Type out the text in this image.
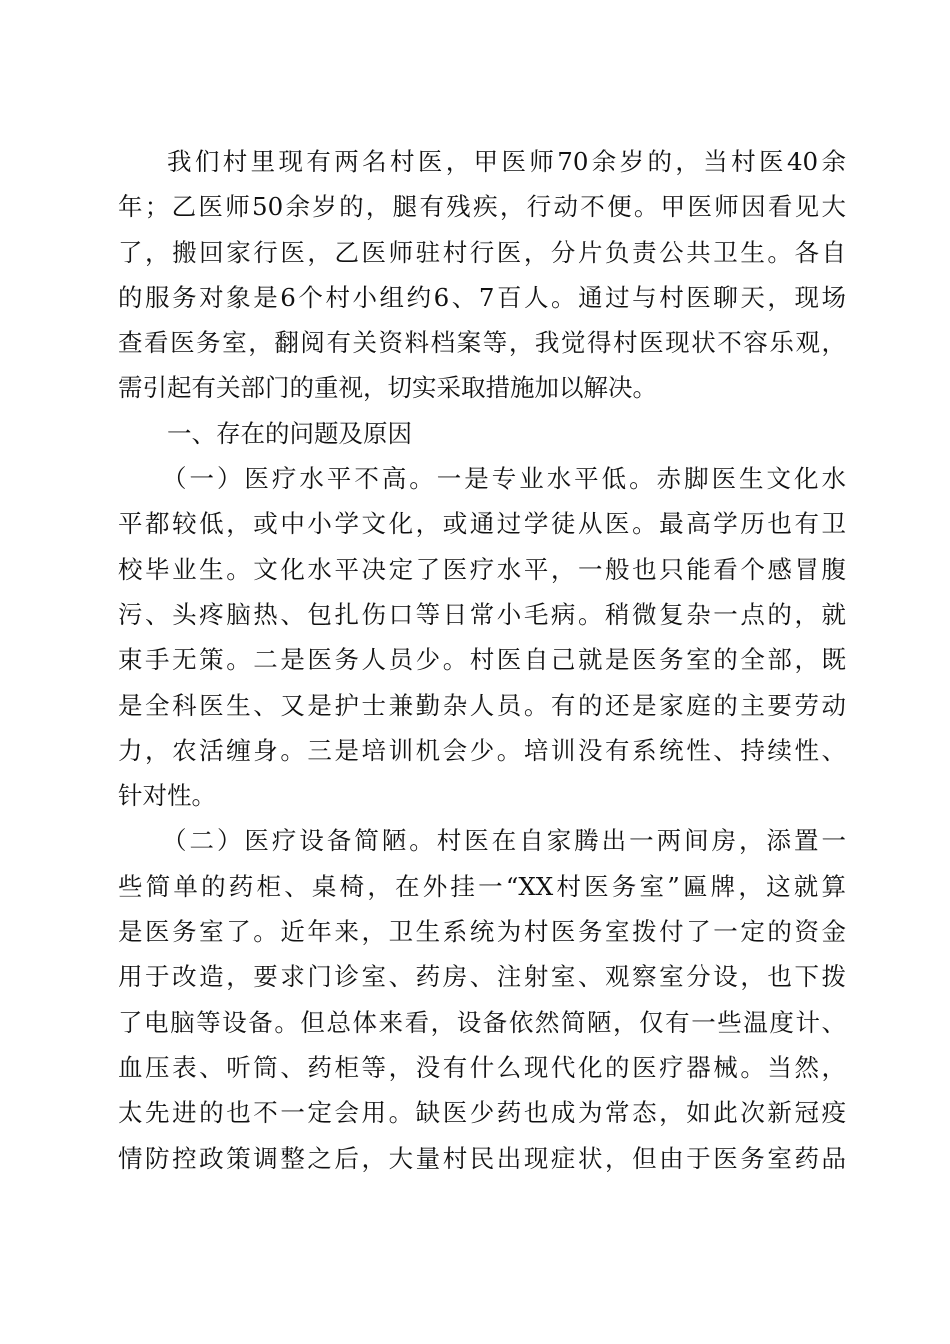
我们村里现有两名村医，甲医师70余岁的，当村医40余
年；乙医师50余岁的，腿有残疾，行动不便。甲医师因看见大
了，搬回家行医，乙医师驻村行医，分片负责公共卫生。各自
的服务对象是6个村小组约6、7百人。通过与村医聊天，现场
查看医务室，翻阅有关资料档案等，我觉得村医现状不容乐观，
需引起有关部门的重视，切实采取措施加以解决。
一、存在的问题及原因
（一）医疗水平不高。一是专业水平低。赤脚医生文化水
平都较低，或中小学文化，或通过学徒从医。最高学历也有卫
校毕业生。文化水平决定了医疗水平，一般也只能看个感冒腹
污、头疼脑热、包扎伤口等日常小毛病。稍微复杂一点的，就
束手无策。二是医务人员少。村医自己就是医务室的全部，既
是全科医生、又是护士兼勤杂人员。有的还是家庭的主要劳动
力，农活缠身。三是培训机会少。培训没有系统性、持续性、
针对性。
（二）医疗设备简陋。村医在自家腾出一两间房，添置一
些简单的药柜、桌椅，在外挂一“XX村医务室”匾牌，这就算
是医务室了。近年来，卫生系统为村医务室拨付了一定的资金
用于改造，要求门诊室、药房、注射室、观察室分设，也下拨
了电脑等设备。但总体来看，设备依然简陋，仅有一些温度计、
血压表、听筒、药柜等，没有什么现代化的医疗器械。当然，
太先进的也不一定会用。缺医少药也成为常态，如此次新冠疫
情防控政策调整之后，大量村民出现症状，但由于医务室药品
